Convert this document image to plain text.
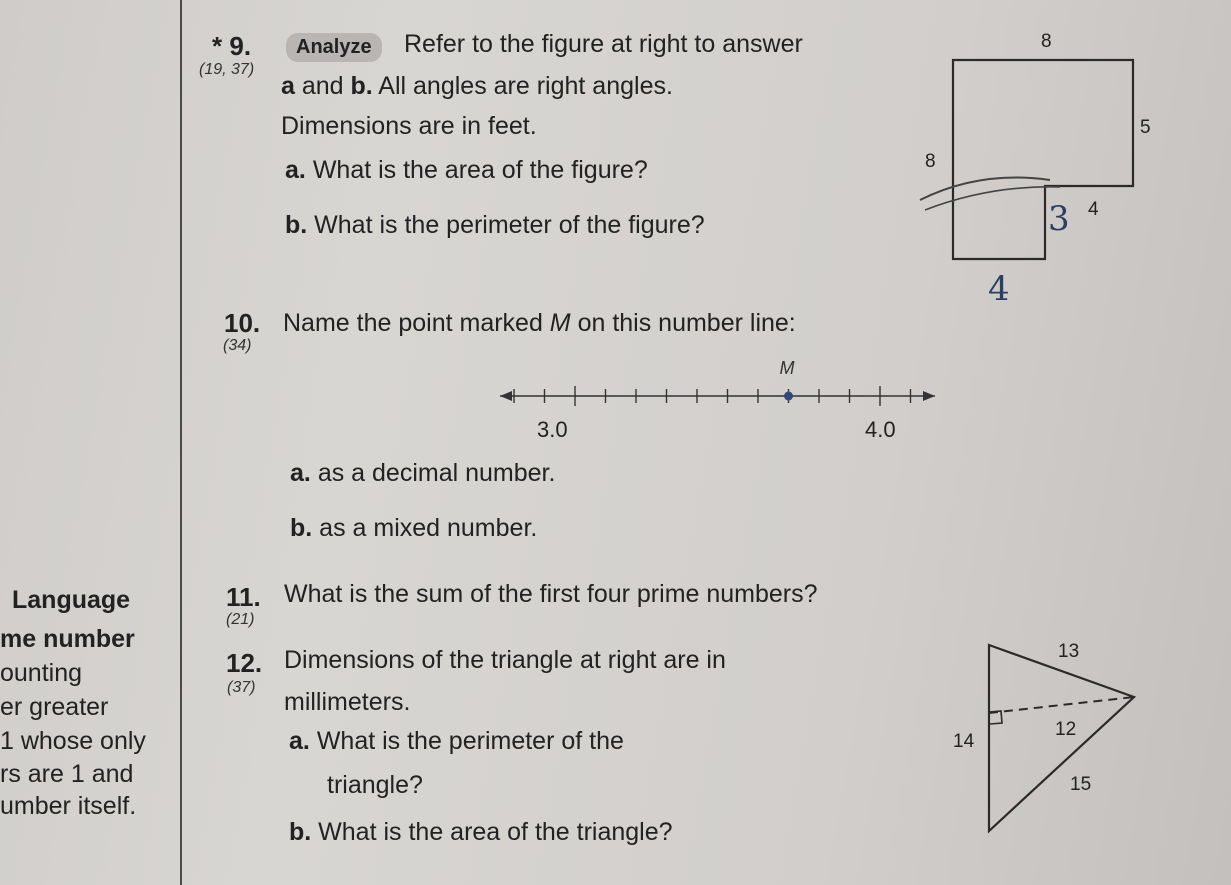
Language
me number
ounting
er greater
1 whose only
rs are 1 and
umber itself.
* 9.
(19, 37)
Analyze	Refer to the figure at right to answer
a and b. All angles are right angles.
Dimensions are in feet.
a. What is the area of the figure?
b. What is the perimeter of the figure?
8
5
8
4
3
4
10.
(34)
Name the point marked M on this number line:
M
3.0	4.0
a. as a decimal number.
b. as a mixed number.
11.
(21)
What is the sum of the first four prime numbers?
12.
(37)
Dimensions of the triangle at right are in
millimeters.
a. What is the perimeter of the
triangle?
b. What is the area of the triangle?
13
14
12
15
